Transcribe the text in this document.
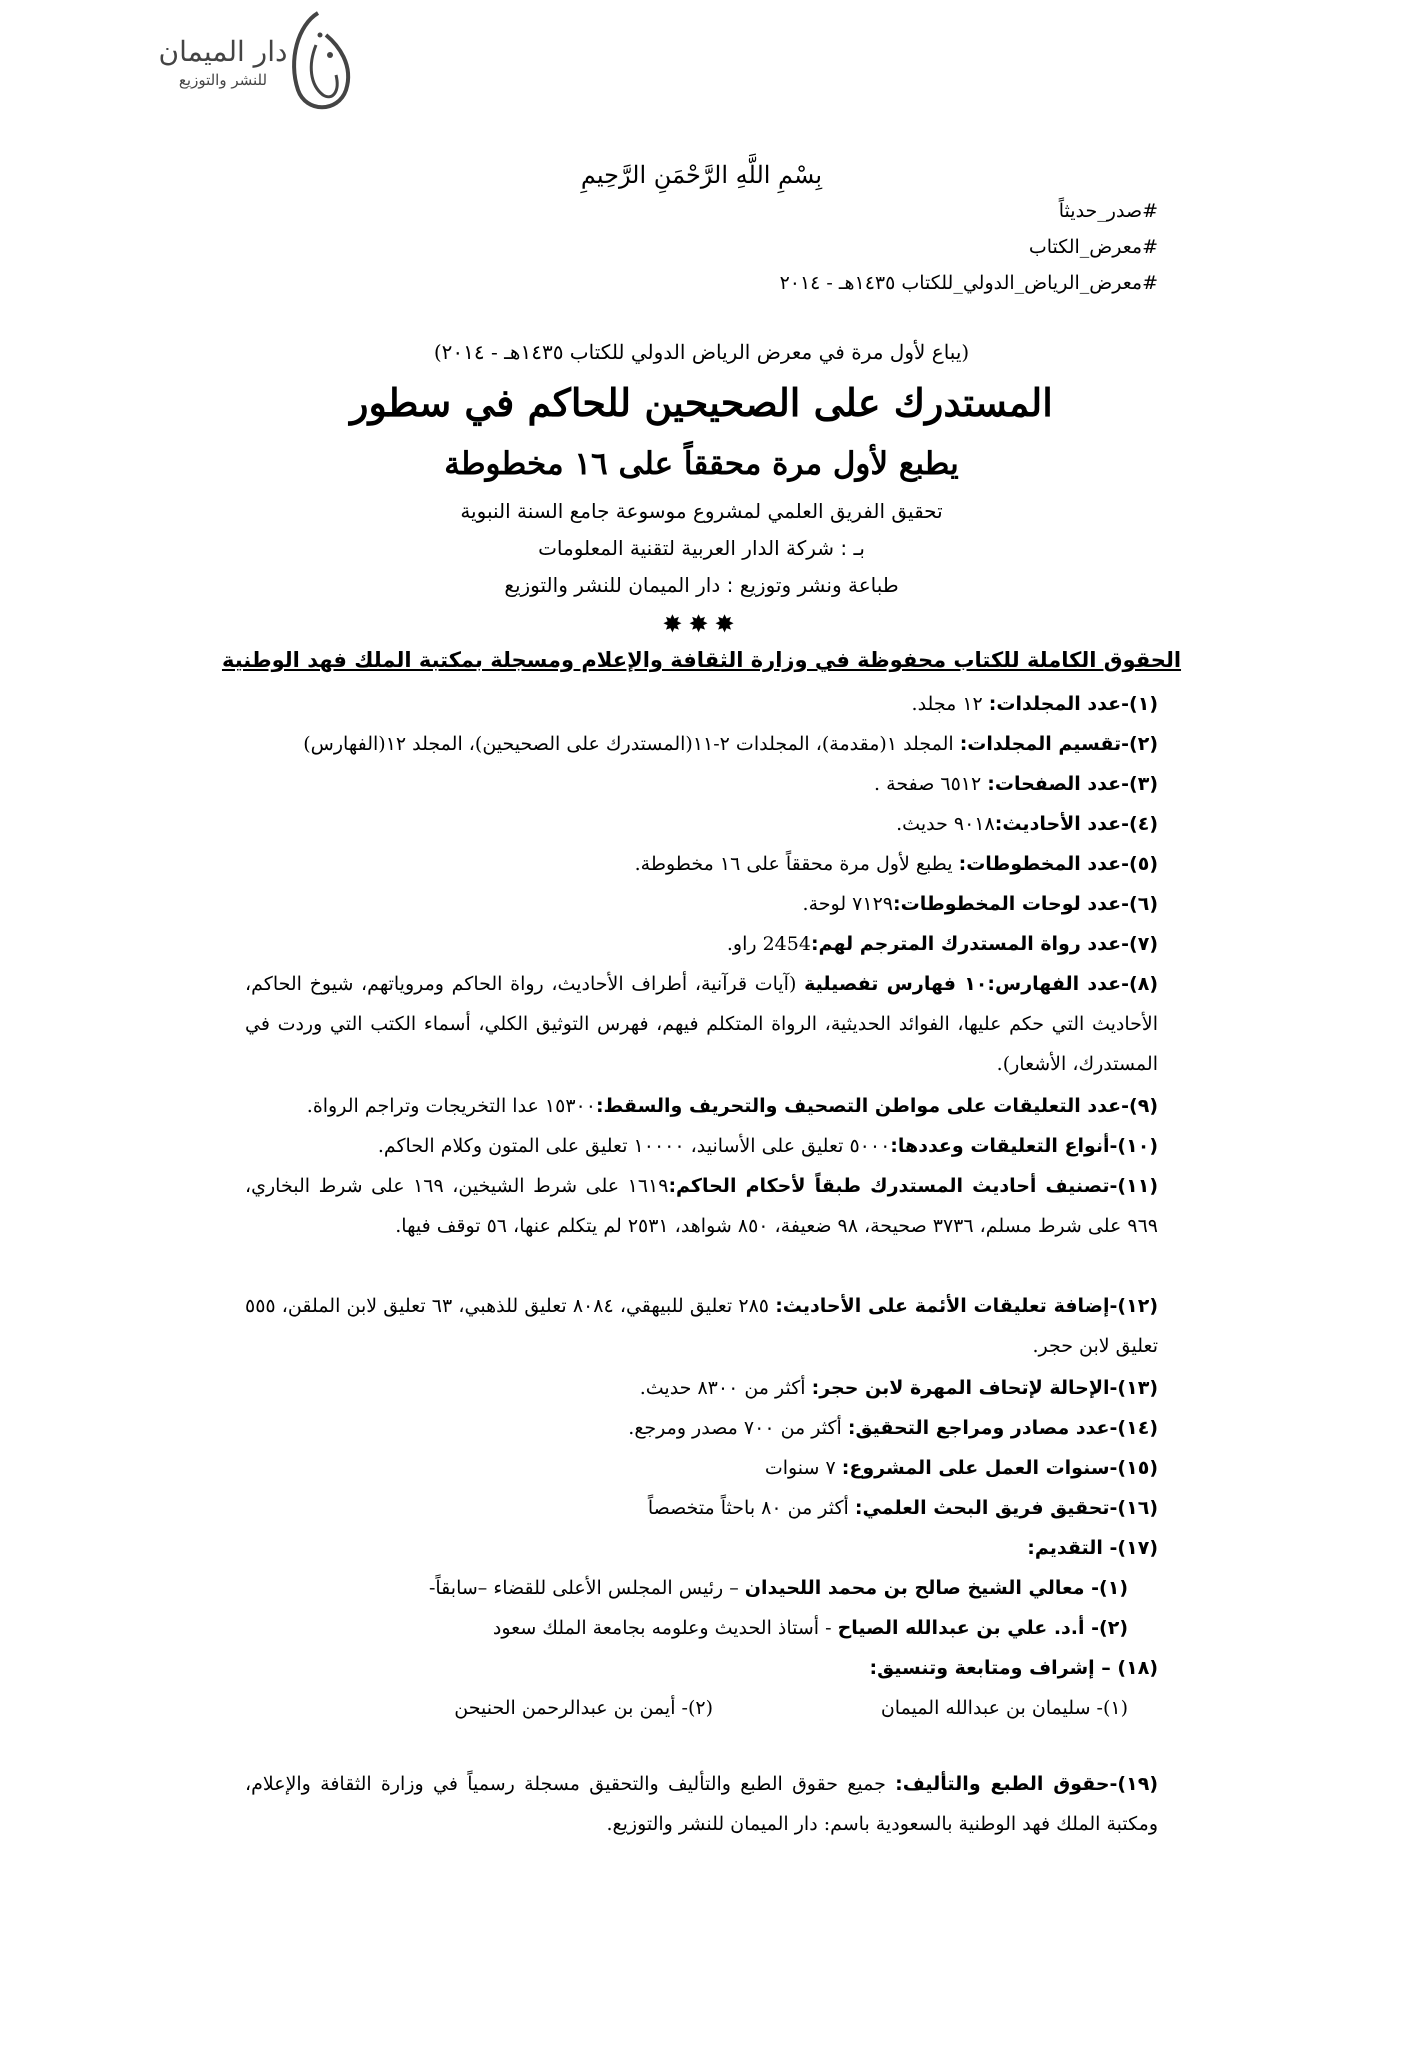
دار الميمان
للنشر والتوزيع
بِسْمِ اللَّهِ الرَّحْمَنِ الرَّحِيمِ
#صدر_حديثاً
#معرض_الكتاب
#معرض_الرياض_الدولي_للكتاب ١٤٣٥هـ - ٢٠١٤
(يباع لأول مرة في معرض الرياض الدولي للكتاب ١٤٣٥هـ - ٢٠١٤)
المستدرك على الصحيحين للحاكم في سطور
يطبع لأول مرة محققاً على ١٦ مخطوطة
تحقيق الفريق العلمي لمشروع موسوعة جامع السنة النبوية
بـ : شركة الدار العربية لتقنية المعلومات
طباعة ونشر وتوزيع : دار الميمان للنشر والتوزيع
✸✸✸
الحقوق الكاملة للكتاب محفوظة في وزارة الثقافة والإعلام ومسجلة بمكتبة الملك فهد الوطنية
(١)-عدد المجلدات: ١٢ مجلد.
(٢)-تقسيم المجلدات: المجلد ١(مقدمة)، المجلدات ٢-١١(المستدرك على الصحيحين)، المجلد ١٢(الفهارس)
(٣)-عدد الصفحات: ٦٥١٢ صفحة .
(٤)-عدد الأحاديث:٩٠١٨ حديث.
(٥)-عدد المخطوطات: يطبع لأول مرة محققاً على ١٦ مخطوطة.
(٦)-عدد لوحات المخطوطات:٧١٢٩ لوحة.
(٧)-عدد رواة المستدرك المترجم لهم:2454 راو.
(٨)-عدد الفهارس:١٠ فهارس تفصيلية (آيات قرآنية، أطراف الأحاديث، رواة الحاكم ومروياتهم، شيوخ الحاكم، الأحاديث التي حكم عليها، الفوائد الحديثية، الرواة المتكلم فيهم، فهرس التوثيق الكلي، أسماء الكتب التي وردت في المستدرك، الأشعار).
(٩)-عدد التعليقات على مواطن التصحيف والتحريف والسقط:١٥٣٠٠ عدا التخريجات وتراجم الرواة.
(١٠)-أنواع التعليقات وعددها:٥٠٠٠ تعليق على الأسانيد، ١٠٠٠٠ تعليق على المتون وكلام الحاكم.
(١١)-تصنيف أحاديث المستدرك طبقاً لأحكام الحاكم:١٦١٩ على شرط الشيخين، ١٦٩ على شرط البخاري، ٩٦٩ على شرط مسلم، ٣٧٣٦ صحيحة، ٩٨ ضعيفة، ٨٥٠ شواهد، ٢٥٣١ لم يتكلم عنها، ٥٦ توقف فيها.
(١٢)-إضافة تعليقات الأئمة على الأحاديث: ٢٨٥ تعليق للبيهقي، ٨٠٨٤ تعليق للذهبي، ٦٣ تعليق لابن الملقن، ٥٥٥ تعليق لابن حجر.
(١٣)-الإحالة لإتحاف المهرة لابن حجر: أكثر من ٨٣٠٠ حديث.
(١٤)-عدد مصادر ومراجع التحقيق: أكثر من ٧٠٠ مصدر ومرجع.
(١٥)-سنوات العمل على المشروع: ٧ سنوات
(١٦)-تحقيق فريق البحث العلمي: أكثر من ٨٠ باحثاً متخصصاً
(١٧)- التقديم:
(١)- معالي الشيخ صالح بن محمد اللحيدان – رئيس المجلس الأعلى للقضاء –سابقاً-
(٢)- أ.د. علي بن عبدالله الصياح - أستاذ الحديث وعلومه بجامعة الملك سعود
(١٨) – إشراف ومتابعة وتنسيق:
(١)- سليمان بن عبدالله الميمان
(٢)- أيمن بن عبدالرحمن الحنيحن
(١٩)-حقوق الطبع والتأليف: جميع حقوق الطبع والتأليف والتحقيق مسجلة رسمياً في وزارة الثقافة والإعلام، ومكتبة الملك فهد الوطنية بالسعودية باسم: دار الميمان للنشر والتوزيع.
